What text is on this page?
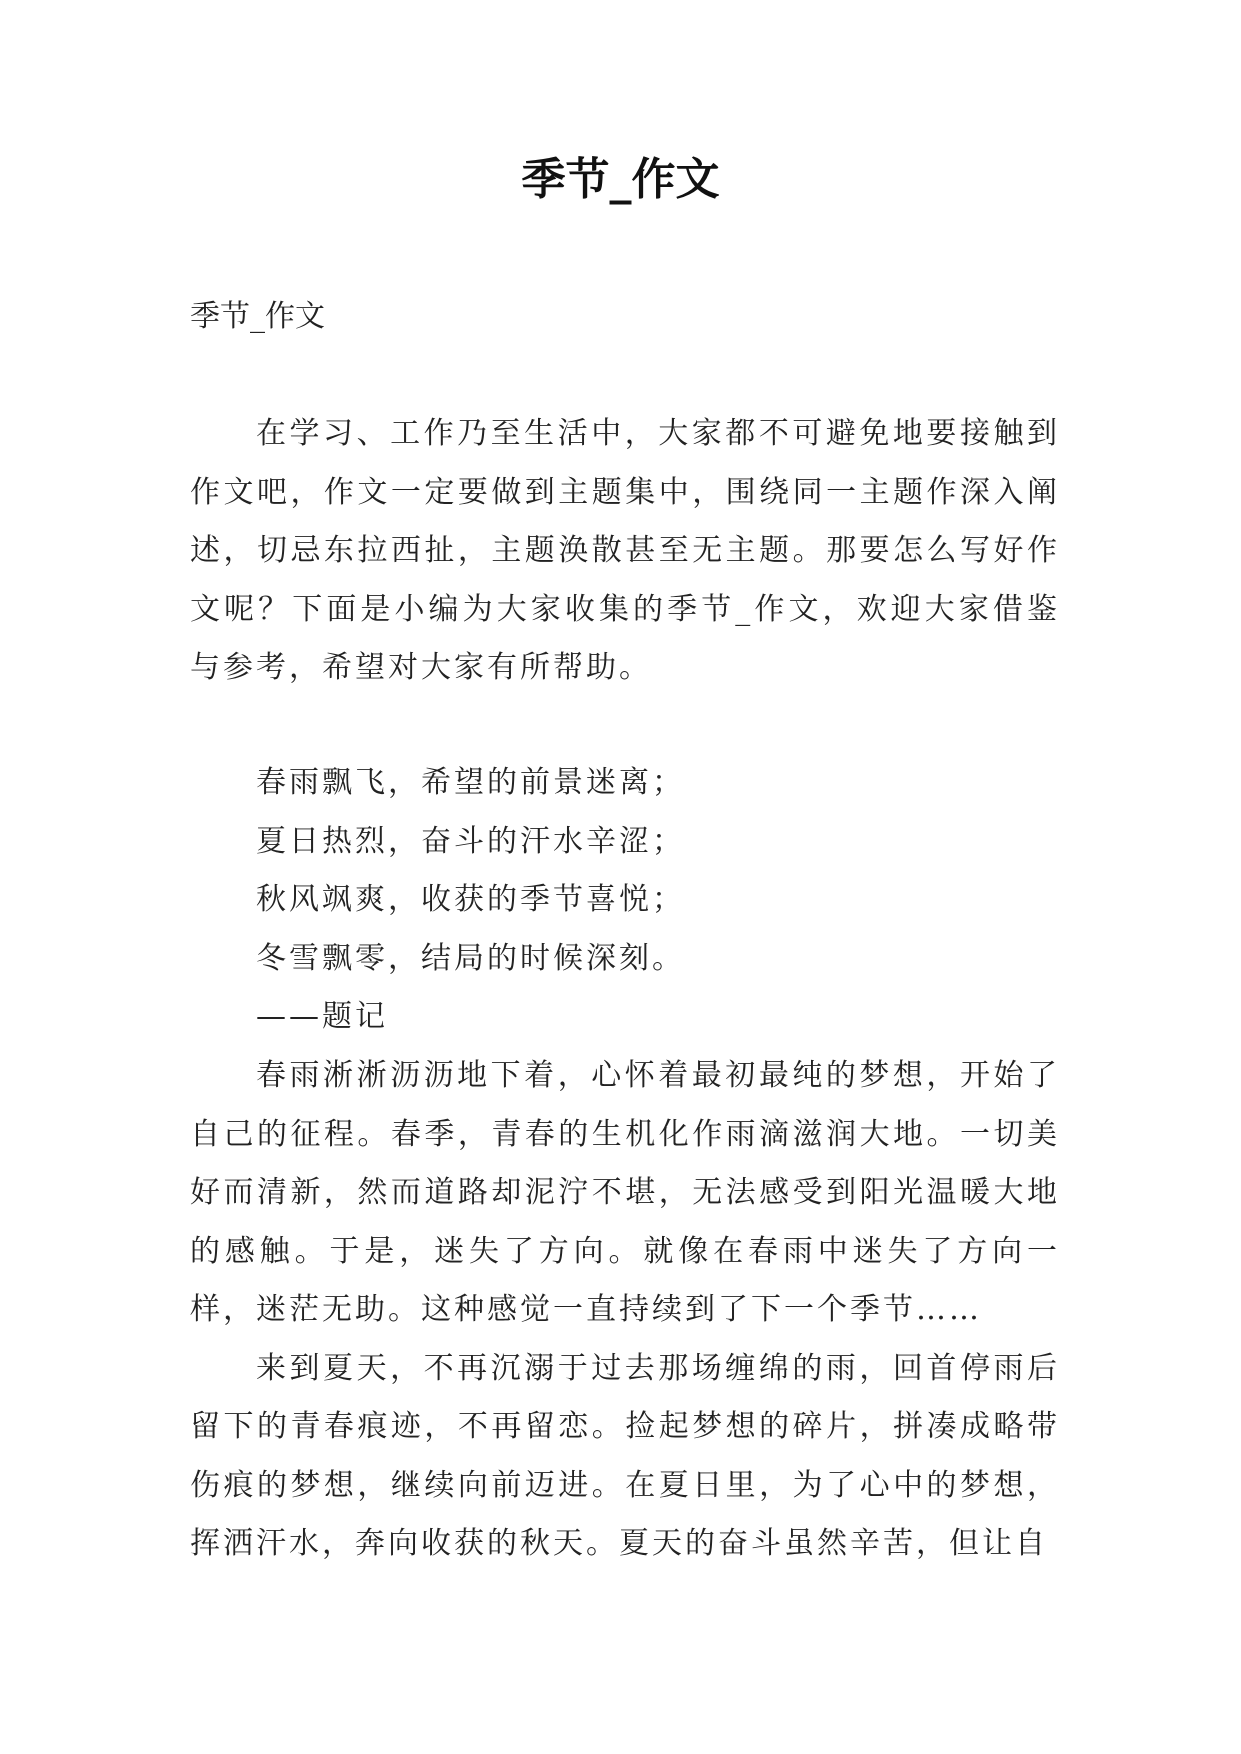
季节_作文
季节_作文

在学习、工作乃至生活中，大家都不可避免地要接触到作文吧，作文一定要做到主题集中，围绕同一主题作深入阐述，切忌东拉西扯，主题涣散甚至无主题。那要怎么写好作文呢？下面是小编为大家收集的季节_作文，欢迎大家借鉴与参考，希望对大家有所帮助。

春雨飘飞，希望的前景迷离；
夏日热烈，奋斗的汗水辛涩；
秋风飒爽，收获的季节喜悦；
冬雪飘零，结局的时候深刻。
——题记

春雨淅淅沥沥地下着，心怀着最初最纯的梦想，开始了自己的征程。春季，青春的生机化作雨滴滋润大地。一切美好而清新，然而道路却泥泞不堪，无法感受到阳光温暖大地的感触。于是，迷失了方向。就像在春雨中迷失了方向一样，迷茫无助。这种感觉一直持续到了下一个季节……

来到夏天，不再沉溺于过去那场缠绵的雨，回首停雨后留下的青春痕迹，不再留恋。捡起梦想的碎片，拼凑成略带伤痕的梦想，继续向前迈进。在夏日里，为了心中的梦想，挥洒汗水，奔向收获的秋天。夏天的奋斗虽然辛苦，但让自
